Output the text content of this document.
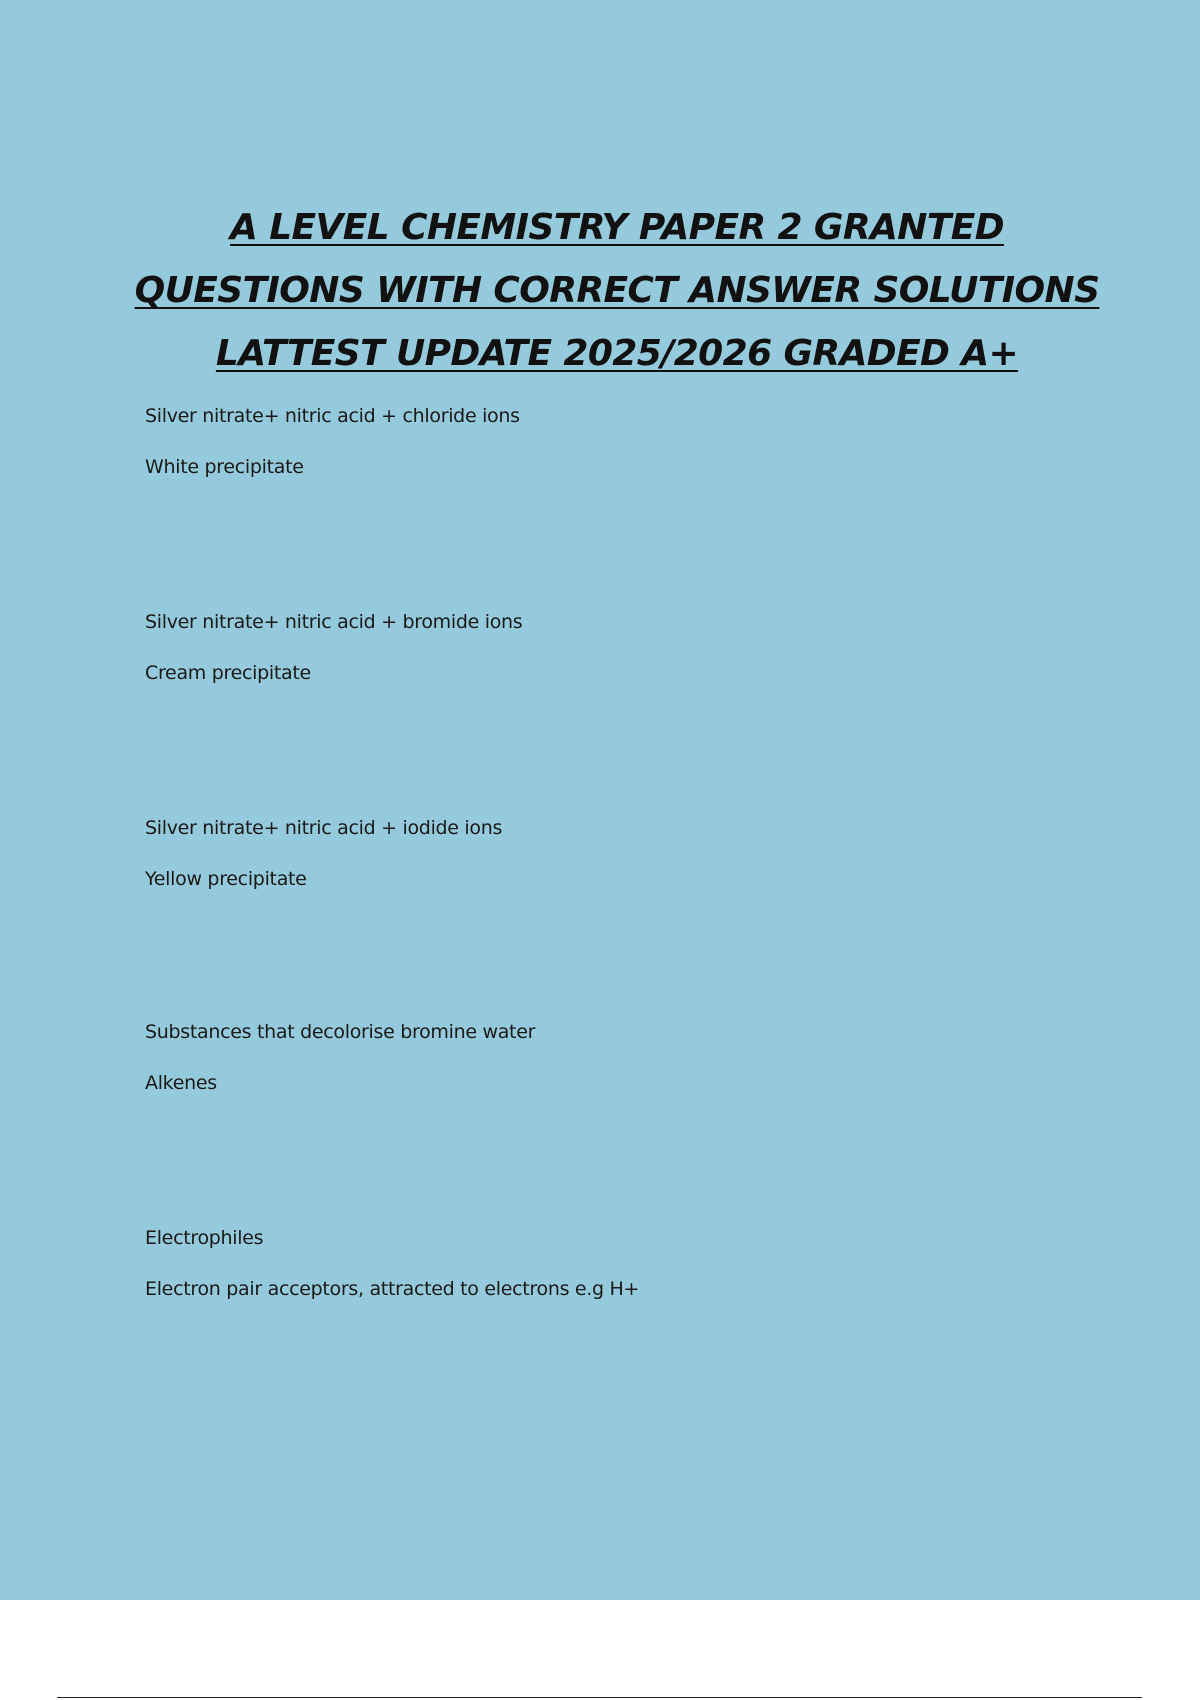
A LEVEL CHEMISTRY PAPER 2 GRANTED
QUESTIONS WITH CORRECT ANSWER SOLUTIONS
LATTEST UPDATE 2025/2026 GRADED A+
Silver nitrate+ nitric acid + chloride ions
White precipitate
Silver nitrate+ nitric acid + bromide ions
Cream precipitate
Silver nitrate+ nitric acid + iodide ions
Yellow precipitate
Substances that decolorise bromine water
Alkenes
Electrophiles
Electron pair acceptors, attracted to electrons e.g H+
